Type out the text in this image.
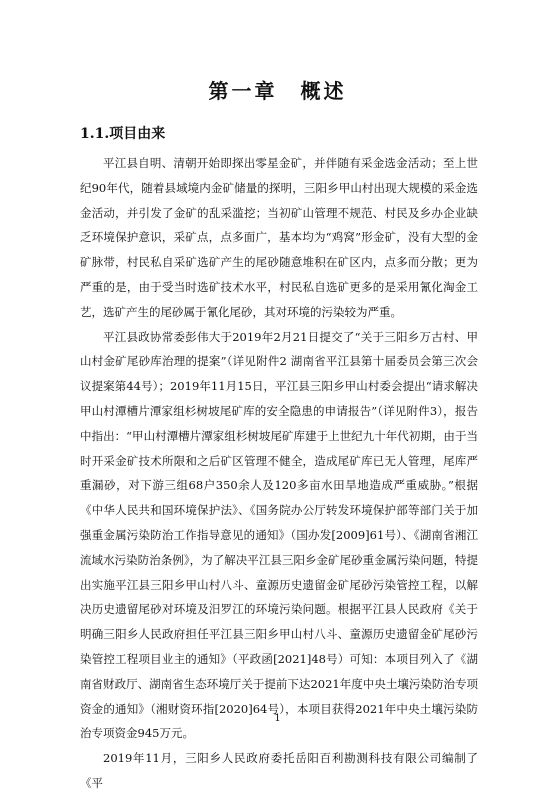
第一章　概述
1.1.项目由来

平江县自明、清朝开始即探出零星金矿，并伴随有采金选金活动；至上世纪90年代，随着县域境内金矿储量的探明，三阳乡甲山村出现大规模的采金选金活动，并引发了金矿的乱采滥挖；当初矿山管理不规范、村民及乡办企业缺乏环境保护意识，采矿点，点多面广，基本均为“鸡窝”形金矿，没有大型的金矿脉带，村民私自采矿选矿产生的尾砂随意堆积在矿区内，点多而分散；更为严重的是，由于受当时选矿技术水平，村民私自选矿更多的是采用氰化淘金工艺，选矿产生的尾砂属于氰化尾砂，其对环境的污染较为严重。

平江县政协常委彭伟大于2019年2月21日提交了“关于三阳乡万古村、甲山村金矿尾砂库治理的提案”（详见附件2 湖南省平江县第十届委员会第三次会议提案第44号）；2019年11月15日，平江县三阳乡甲山村委会提出“请求解决甲山村潭槽片潭家组杉树坡尾矿库的安全隐患的申请报告”（详见附件3），报告中指出：“甲山村潭槽片潭家组杉树坡尾矿库建于上世纪九十年代初期，由于当时开采金矿技术所限和之后矿区管理不健全，造成尾矿库已无人管理，尾库严重漏砂，对下游三组68户350余人及120多亩水田旱地造成严重威胁。”根据《中华人民共和国环境保护法》、《国务院办公厅转发环境保护部等部门关于加强重金属污染防治工作指导意见的通知》（国办发[2009]61号）、《湖南省湘江流域水污染防治条例》，为了解决平江县三阳乡金矿尾砂重金属污染问题，特提出实施平江县三阳乡甲山村八斗、童源历史遗留金矿尾砂污染管控工程，以解决历史遗留尾砂对环境及汨罗江的环境污染问题。根据平江县人民政府《关于明确三阳乡人民政府担任平江县三阳乡甲山村八斗、童源历史遗留金矿尾砂污染管控工程项目业主的通知》（平政函[2021]48号）可知：本项目列入了《湖南省财政厅、湖南省生态环境厅关于提前下达2021年度中央土壤污染防治专项资金的通知》（湘财资环指[2020]64号），本项目获得2021年中央土壤污染防治专项资金945万元。

2019年11月，三阳乡人民政府委托岳阳百利勘测科技有限公司编制了《平

1
